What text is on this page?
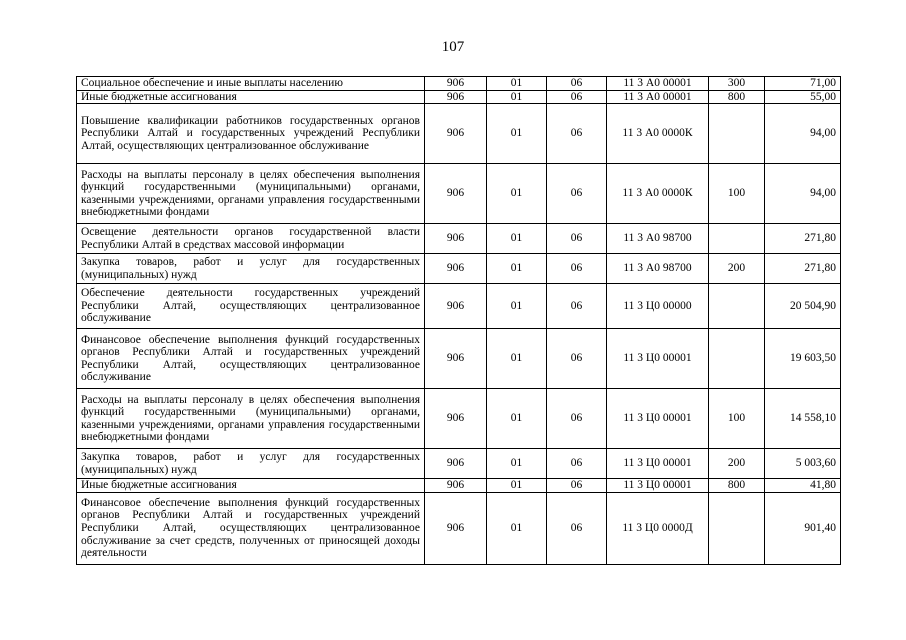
107
Социальное обеспечение и иные выплаты населению	906	01	06	11 3 А0 00001	300	71,00
Иные бюджетные ассигнования	906	01	06	11 3 А0 00001	800	55,00
Повышение квалификации работников государственных органов Республики Алтай и государственных учреждений Республики Алтай, осуществляющих централизованное обслуживание	906	01	06	11 3 А0 0000К		94,00
Расходы на выплаты персоналу в целях обеспечения выполнения функций государственными (муниципальными) органами, казенными учреждениями, органами управления государственными внебюджетными фондами	906	01	06	11 3 А0 0000К	100	94,00
Освещение деятельности органов государственной власти Республики Алтай в средствах массовой информации	906	01	06	11 3 А0 98700		271,80
Закупка товаров, работ и услуг для государственных (муниципальных) нужд	906	01	06	11 3 А0 98700	200	271,80
Обеспечение деятельности государственных учреждений Республики Алтай, осуществляющих централизованное обслуживание	906	01	06	11 3 Ц0 00000		20 504,90
Финансовое обеспечение выполнения функций государственных органов Республики Алтай и государственных учреждений Республики Алтай, осуществляющих централизованное обслуживание	906	01	06	11 3 Ц0 00001		19 603,50
Расходы на выплаты персоналу в целях обеспечения выполнения функций государственными (муниципальными) органами, казенными учреждениями, органами управления государственными внебюджетными фондами	906	01	06	11 3 Ц0 00001	100	14 558,10
Закупка товаров, работ и услуг для государственных (муниципальных) нужд	906	01	06	11 3 Ц0 00001	200	5 003,60
Иные бюджетные ассигнования	906	01	06	11 3 Ц0 00001	800	41,80
Финансовое обеспечение выполнения функций государственных органов Республики Алтай и государственных учреждений Республики Алтай, осуществляющих централизованное обслуживание за счет средств, полученных от приносящей доходы деятельности	906	01	06	11 3 Ц0 0000Д		901,40
